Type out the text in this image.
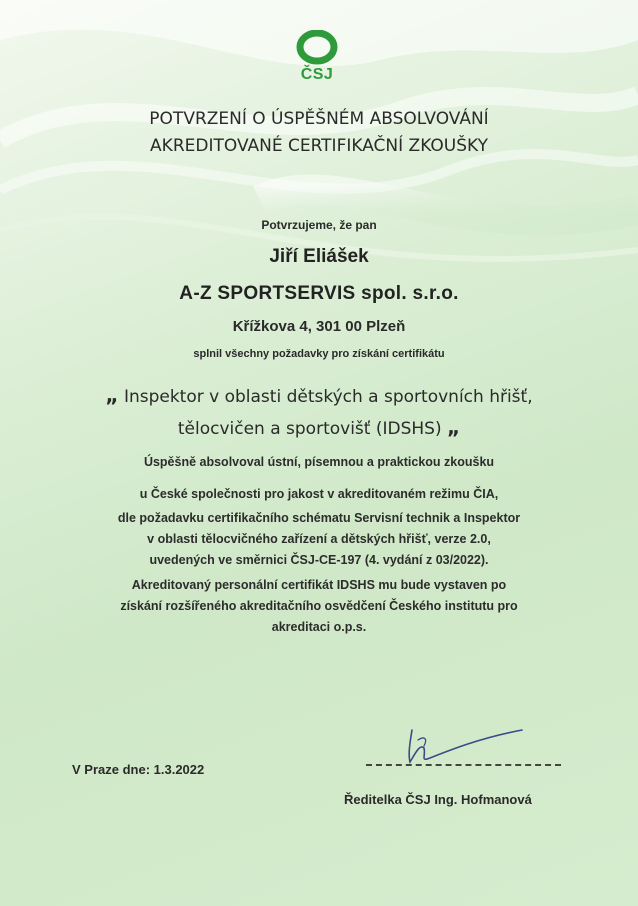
ČSJ
POTVRZENÍ O ÚSPĚŠNÉM ABSOLVOVÁNÍ
AKREDITOVANÉ CERTIFIKAČNÍ ZKOUŠKY
Potvrzujeme, že pan
Jiří Eliášek
A-Z SPORTSERVIS spol. s.r.o.
Křížkova 4, 301 00 Plzeň
splnil všechny požadavky pro získání certifikátu
„ Inspektor v oblasti dětských a sportovních hřišť,
tělocvičen a sportovišť (IDSHS) „
Úspěšně absolvoval ústní, písemnou a praktickou zkoušku
u České společnosti pro jakost v akreditovaném režimu ČIA,
dle požadavku certifikačního schématu Servisní technik a Inspektor
v oblasti tělocvičného zařízení a dětských hřišť, verze 2.0,
uvedených ve směrnici ČSJ-CE-197 (4. vydání z 03/2022).
Akreditovaný personální certifikát IDSHS mu bude vystaven po
získání rozšířeného akreditačního osvědčení Českého institutu pro
akreditaci o.p.s.
V Praze dne: 1.3.2022
Ředitelka ČSJ Ing. Hofmanová
